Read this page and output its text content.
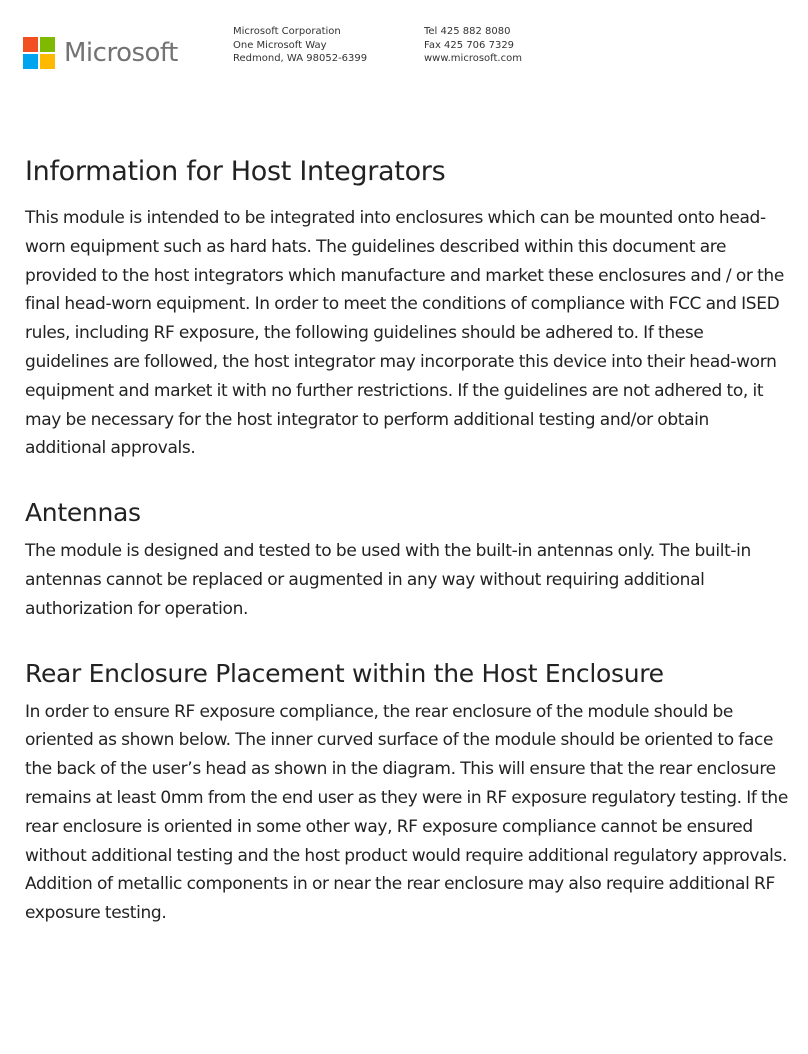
Microsoft
Microsoft Corporation
One Microsoft Way
Redmond, WA 98052-6399
Tel 425 882 8080
Fax 425 706 7329
www.microsoft.com
Information for Host Integrators

This module is intended to be integrated into enclosures which can be mounted onto head-worn equipment such as hard hats. The guidelines described within this document are provided to the host integrators which manufacture and market these enclosures and / or the final head-worn equipment. In order to meet the conditions of compliance with FCC and ISED rules, including RF exposure, the following guidelines should be adhered to. If these guidelines are followed, the host integrator may incorporate this device into their head-worn equipment and market it with no further restrictions. If the guidelines are not adhered to, it may be necessary for the host integrator to perform additional testing and/or obtain additional approvals.

Antennas

The module is designed and tested to be used with the built-in antennas only. The built-in antennas cannot be replaced or augmented in any way without requiring additional authorization for operation.

Rear Enclosure Placement within the Host Enclosure

In order to ensure RF exposure compliance, the rear enclosure of the module should be oriented as shown below. The inner curved surface of the module should be oriented to face the back of the user’s head as shown in the diagram. This will ensure that the rear enclosure remains at least 0mm from the end user as they were in RF exposure regulatory testing. If the rear enclosure is oriented in some other way, RF exposure compliance cannot be ensured without additional testing and the host product would require additional regulatory approvals. Addition of metallic components in or near the rear enclosure may also require additional RF exposure testing.
